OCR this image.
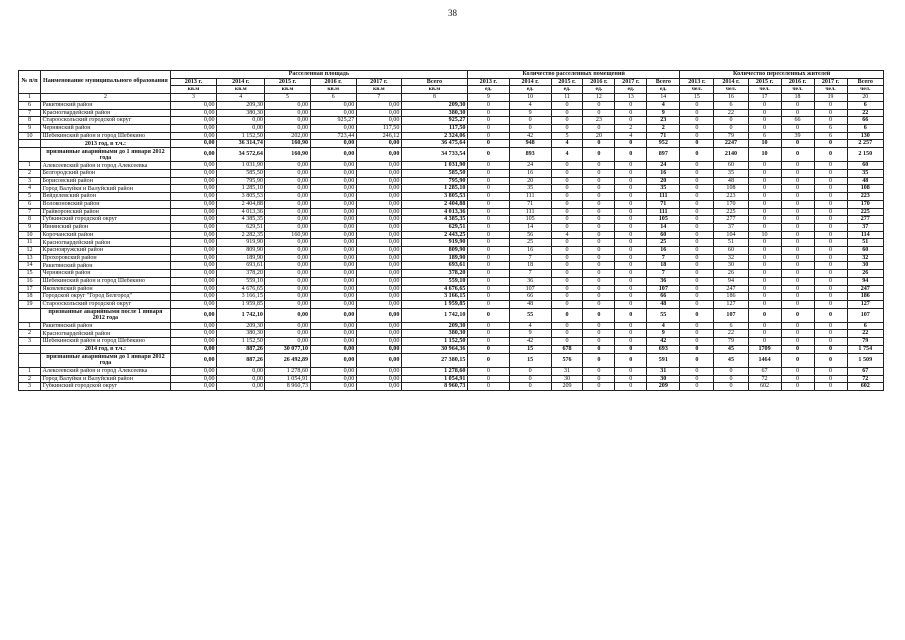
38
№ п/п	Наименование муниципального образования	Расселенная площадь						Количество расселенных помещений						Количество переселенных жителей					
		2013 г.	2014 г.	2015 г.	2016 г.	2017 г.	Всего	2013 г.	2014 г.	2015 г.	2016 г.	2017 г.	Всего	2013 г.	2014 г.	2015 г.	2016 г.	2017 г.	Всего
		кв.м	кв.м	кв.м	кв.м	кв.м	кв.м	ед.	ед.	ед.	ед.	ед.	ед.	чел.	чел.	чел.	чел.	чел.	чел.
1	2	3	4	5	6	7	8	9	10	11	12	13	14	15	16	17	18	19	20
6	Ракитянский район	0,00	209,30	0,00	0,00	0,00	209,30	0	4	0	0	0	4	0	6	0	0	0	6
7	Красногвардейский район	0,00	380,30	0,00	0,00	0,00	380,30	0	9	0	0	0	9	0	22	0	0	0	22
8	Старооскольский городской округ	0,00	0,00	0,00	925,27	0,00	925,27	0	0	0	23	0	23	0	0	0	66	0	66
9	Чернянский район	0,00	0,00	0,00	0,00	117,50	117,50	0	0	0	0	2	2	0	0	0	0	6	6
10	Шебекинский район и город Шебекино	0,00	1 152,50	202,00	723,44	246,12	2 324,06	0	42	5	20	4	71	0	79	6	39	6	130
	2013 год, в т.ч.:	0,00	36 314,74	160,90	0,00	0,00	36 475,64	0	948	4	0	0	952	0	2247	10	0	0	2 257
	признанные аварийными до 1 января 2012 года	0,00	34 572,64	160,90	0,00	0,00	34 733,54	0	893	4	0	0	897	0	2140	10	0	0	2 150
1	Алексеевский район и город Алексеевка	0,00	1 031,90	0,00	0,00	0,00	1 031,90	0	24	0	0	0	24	0	60	0	0	0	60
2	Белгородский район	0,00	585,50	0,00	0,00	0,00	585,50	0	16	0	0	0	16	0	35	0	0	0	35
3	Борисовский район	0,00	795,90	0,00	0,00	0,00	795,90	0	20	0	0	0	20	0	48	0	0	0	48
4	Город Валуйки и Валуйский район	0,00	1 285,10	0,00	0,00	0,00	1 285,10	0	35	0	0	0	35	0	108	0	0	0	108
5	Вейделевский район	0,00	3 805,53	0,00	0,00	0,00	3 805,53	0	111	0	0	0	111	0	223	0	0	0	223
6	Волоконовский район	0,00	2 404,88	0,00	0,00	0,00	2 404,88	0	71	0	0	0	71	0	170	0	0	0	170
7	Грайворонский район	0,00	4 013,36	0,00	0,00	0,00	4 013,36	0	111	0	0	0	111	0	225	0	0	0	225
8	Губкинский городской округ	0,00	4 385,35	0,00	0,00	0,00	4 385,35	0	105	0	0	0	105	0	277	0	0	0	277
9	Ивнянский район	0,00	629,51	0,00	0,00	0,00	629,51	0	14	0	0	0	14	0	37	0	0	0	37
10	Корочанский район	0,00	2 282,35	160,90	0,00	0,00	2 443,25	0	56	4	0	0	60	0	104	10	0	0	114
11	Красногвардейский район	0,00	919,90	0,00	0,00	0,00	919,90	0	25	0	0	0	25	0	51	0	0	0	51
12	Краснояружский район	0,00	809,90	0,00	0,00	0,00	809,90	0	16	0	0	0	16	0	60	0	0	0	60
13	Прохоровский район	0,00	189,90	0,00	0,00	0,00	189,90	0	7	0	0	0	7	0	32	0	0	0	32
14	Ракитянский район	0,00	693,61	0,00	0,00	0,00	693,61	0	18	0	0	0	18	0	30	0	0	0	30
15	Чернянский район	0,00	378,20	0,00	0,00	0,00	378,20	0	7	0	0	0	7	0	26	0	0	0	26
16	Шебекинский район и город Шебекино	0,00	559,10	0,00	0,00	0,00	559,10	0	36	0	0	0	36	0	94	0	0	0	94
17	Яковлевский район	0,00	4 676,65	0,00	0,00	0,00	4 676,65	0	107	0	0	0	107	0	247	0	0	0	247
18	Городской округ "Город Белгород"	0,00	3 166,15	0,00	0,00	0,00	3 166,15	0	66	0	0	0	66	0	186	0	0	0	186
19	Старооскольский городской округ	0,00	1 959,85	0,00	0,00	0,00	1 959,85	0	48	0	0	0	48	0	127	0	0	0	127
	признанные аварийными после 1 января 2012 года	0,00	1 742,10	0,00	0,00	0,00	1 742,10	0	55	0	0	0	55	0	107	0	0	0	107
1	Ракитянский район	0,00	209,30	0,00	0,00	0,00	209,30	0	4	0	0	0	4	0	6	0	0	0	6
2	Красногвардейский район	0,00	380,30	0,00	0,00	0,00	380,30	0	9	0	0	0	9	0	22	0	0	0	22
3	Шебекинский район и город Шебекино	0,00	1 152,50	0,00	0,00	0,00	1 152,50	0	42	0	0	0	42	0	79	0	0	0	79
	2014 год, в т.ч.:	0,00	887,26	30 077,10	0,00	0,00	30 964,36	0	15	678	0	0	693	0	45	1709	0	0	1 754
	признанные аварийными до 1 января 2012 года	0,00	887,26	26 492,89	0,00	0,00	27 380,15	0	15	576	0	0	591	0	45	1464	0	0	1 509
1	Алексеевский район и город Алексеевка	0,00	0,00	1 278,60	0,00	0,00	1 278,60	0	0	31	0	0	31	0	0	67	0	0	67
2	Город Валуйки и Валуйский район	0,00	0,00	1 054,91	0,00	0,00	1 054,91	0	0	30	0	0	30	0	0	72	0	0	72
3	Губкинский городской округ	0,00	0,00	8 960,73	0,00	0,00	8 960,73	0	0	209	0	0	209	0	0	602	0	0	602
